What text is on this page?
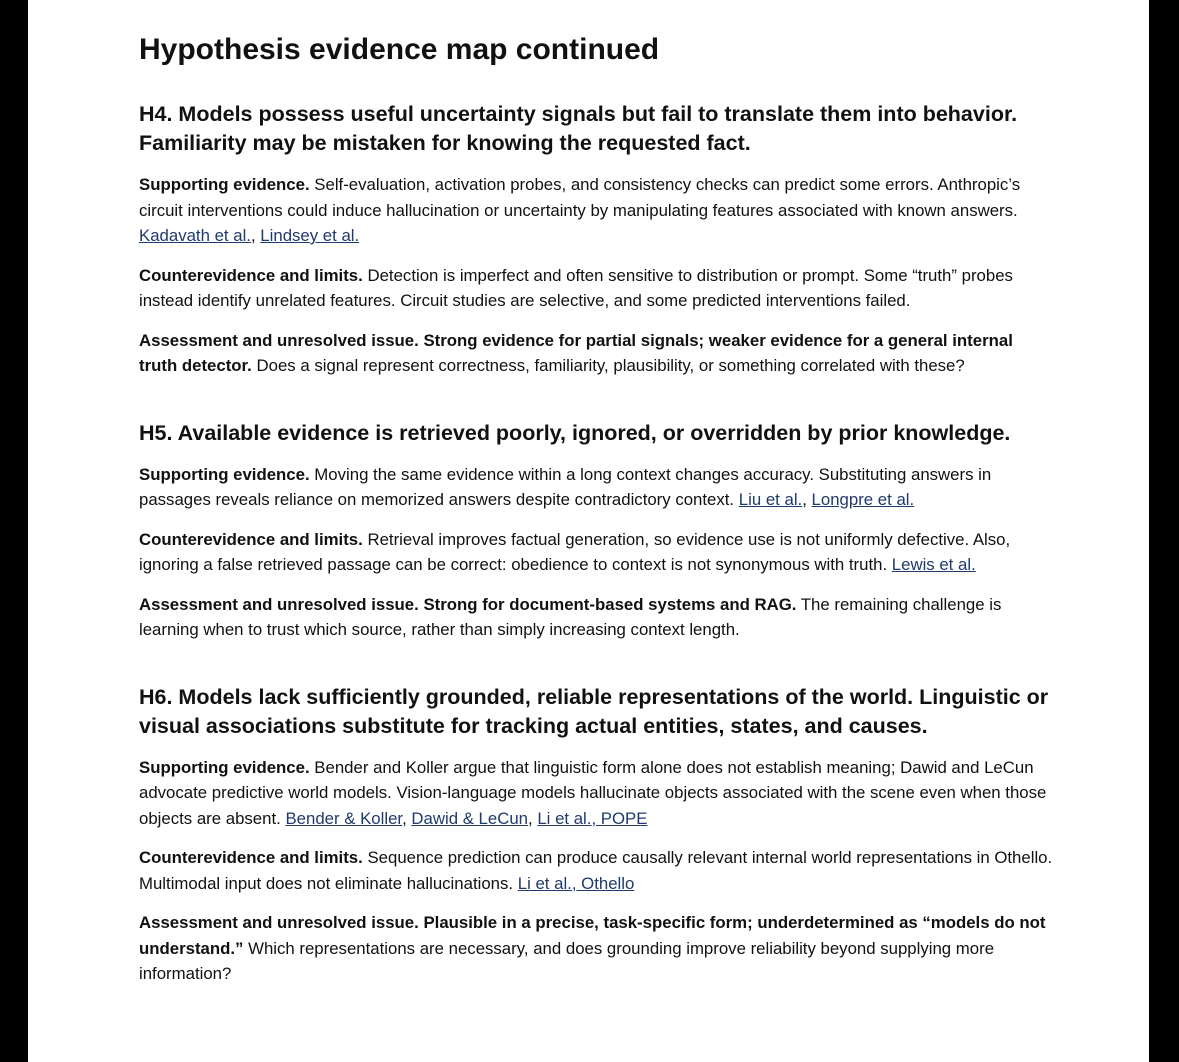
Hypothesis evidence map continued
H4. Models possess useful uncertainty signals but fail to translate them into behavior. Familiarity may be mistaken for knowing the requested fact.

Supporting evidence. Self-evaluation, activation probes, and consistency checks can predict some errors. Anthropic’s circuit interventions could induce hallucination or uncertainty by manipulating features associated with known answers. Kadavath et al., Lindsey et al.

Counterevidence and limits. Detection is imperfect and often sensitive to distribution or prompt. Some “truth” probes instead identify unrelated features. Circuit studies are selective, and some predicted interventions failed.

Assessment and unresolved issue. Strong evidence for partial signals; weaker evidence for a general internal truth detector. Does a signal represent correctness, familiarity, plausibility, or something correlated with these?

H5. Available evidence is retrieved poorly, ignored, or overridden by prior knowledge.

Supporting evidence. Moving the same evidence within a long context changes accuracy. Substituting answers in passages reveals reliance on memorized answers despite contradictory context. Liu et al., Longpre et al.

Counterevidence and limits. Retrieval improves factual generation, so evidence use is not uniformly defective. Also, ignoring a false retrieved passage can be correct: obedience to context is not synonymous with truth. Lewis et al.

Assessment and unresolved issue. Strong for document-based systems and RAG. The remaining challenge is learning when to trust which source, rather than simply increasing context length.

H6. Models lack sufficiently grounded, reliable representations of the world. Linguistic or visual associations substitute for tracking actual entities, states, and causes.

Supporting evidence. Bender and Koller argue that linguistic form alone does not establish meaning; Dawid and LeCun advocate predictive world models. Vision-language models hallucinate objects associated with the scene even when those objects are absent. Bender & Koller, Dawid & LeCun, Li et al., POPE

Counterevidence and limits. Sequence prediction can produce causally relevant internal world representations in Othello. Multimodal input does not eliminate hallucinations. Li et al., Othello

Assessment and unresolved issue. Plausible in a precise, task-specific form; underdetermined as “models do not understand.” Which representations are necessary, and does grounding improve reliability beyond supplying more information?
